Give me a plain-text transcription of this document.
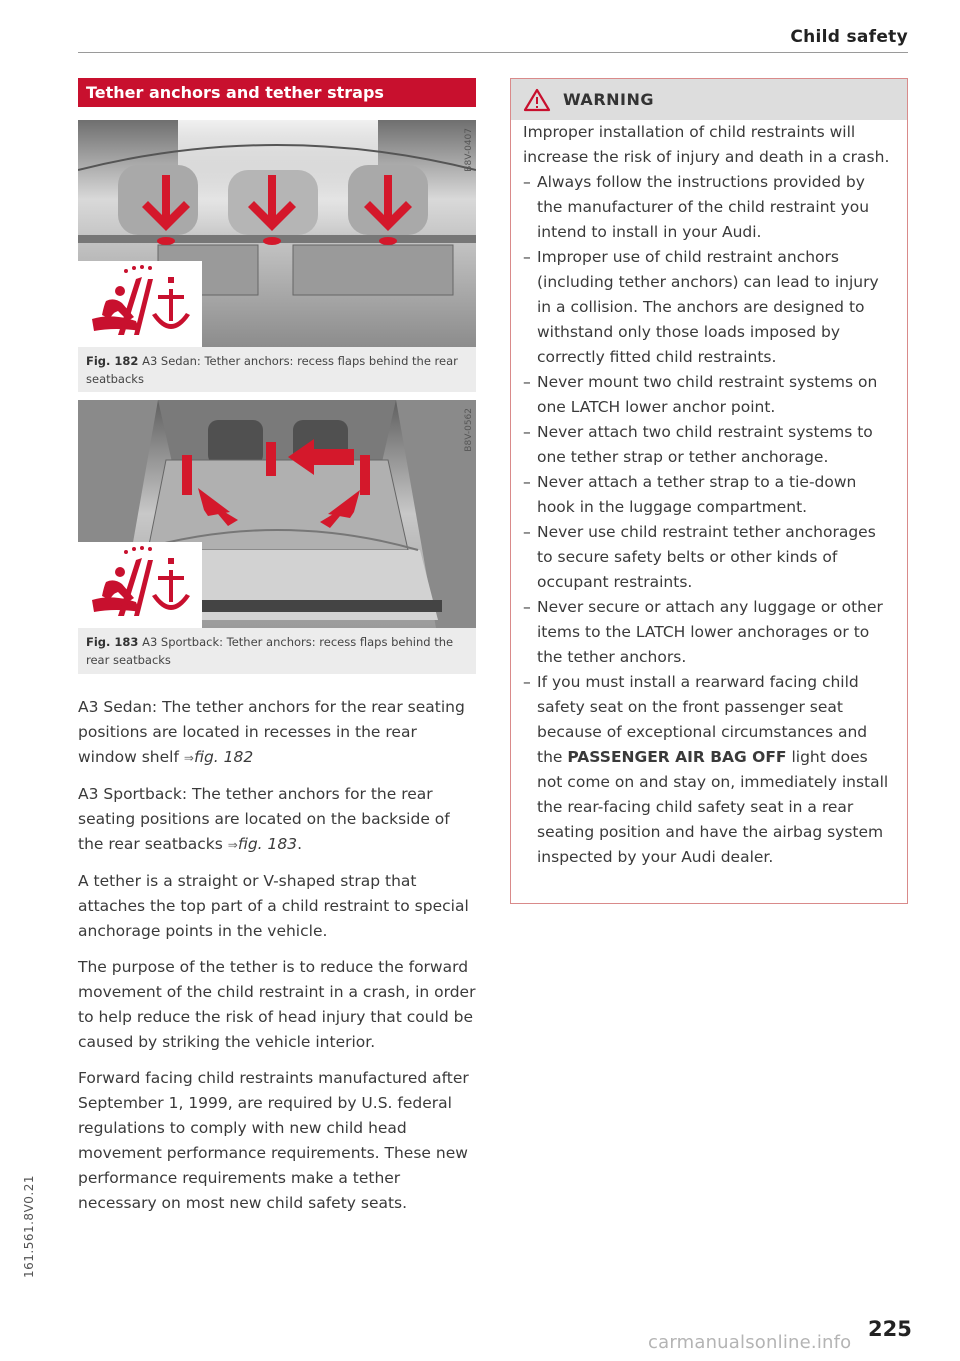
Child safety
Tether anchors and tether straps
B8V-0407
Fig. 182 A3 Sedan: Tether anchors: recess flaps behind the rear seatbacks
B8V-0562
Fig. 183 A3 Sportback: Tether anchors: recess flaps behind the rear seatbacks

A3 Sedan: The tether anchors for the rear seating positions are located in recesses in the rear window shelf ⇒fig. 182

A3 Sportback: The tether anchors for the rear seating positions are located on the backside of the rear seatbacks ⇒fig. 183.

A tether is a straight or V-shaped strap that attaches the top part of a child restraint to special anchorage points in the vehicle.

The purpose of the tether is to reduce the forward movement of the child restraint in a crash, in order to help reduce the risk of head injury that could be caused by striking the vehicle interior.

Forward facing child restraints manufactured after September 1, 1999, are required by U.S. federal regulations to comply with new child head movement performance requirements. These new performance requirements make a tether necessary on most new child safety seats.

WARNING

Improper installation of child restraints will increase the risk of injury and death in a crash.

– Always follow the instructions provided by the manufacturer of the child restraint you intend to install in your Audi.
– Improper use of child restraint anchors (including tether anchors) can lead to injury in a collision. The anchors are designed to withstand only those loads imposed by correctly fitted child restraints.
– Never mount two child restraint systems on one LATCH lower anchor point.
– Never attach two child restraint systems to one tether strap or tether anchorage.
– Never attach a tether strap to a tie-down hook in the luggage compartment.
– Never use child restraint tether anchorages to secure safety belts or other kinds of occupant restraints.
– Never secure or attach any luggage or other items to the LATCH lower anchorages or to the tether anchors.
– If you must install a rearward facing child safety seat on the front passenger seat because of exceptional circumstances and the PASSENGER AIR BAG OFF light does not come on and stay on, immediately install the rear-facing child safety seat in a rear seating position and have the airbag system inspected by your Audi dealer.
161.561.8V0.21
225
carmanualsonline.info
